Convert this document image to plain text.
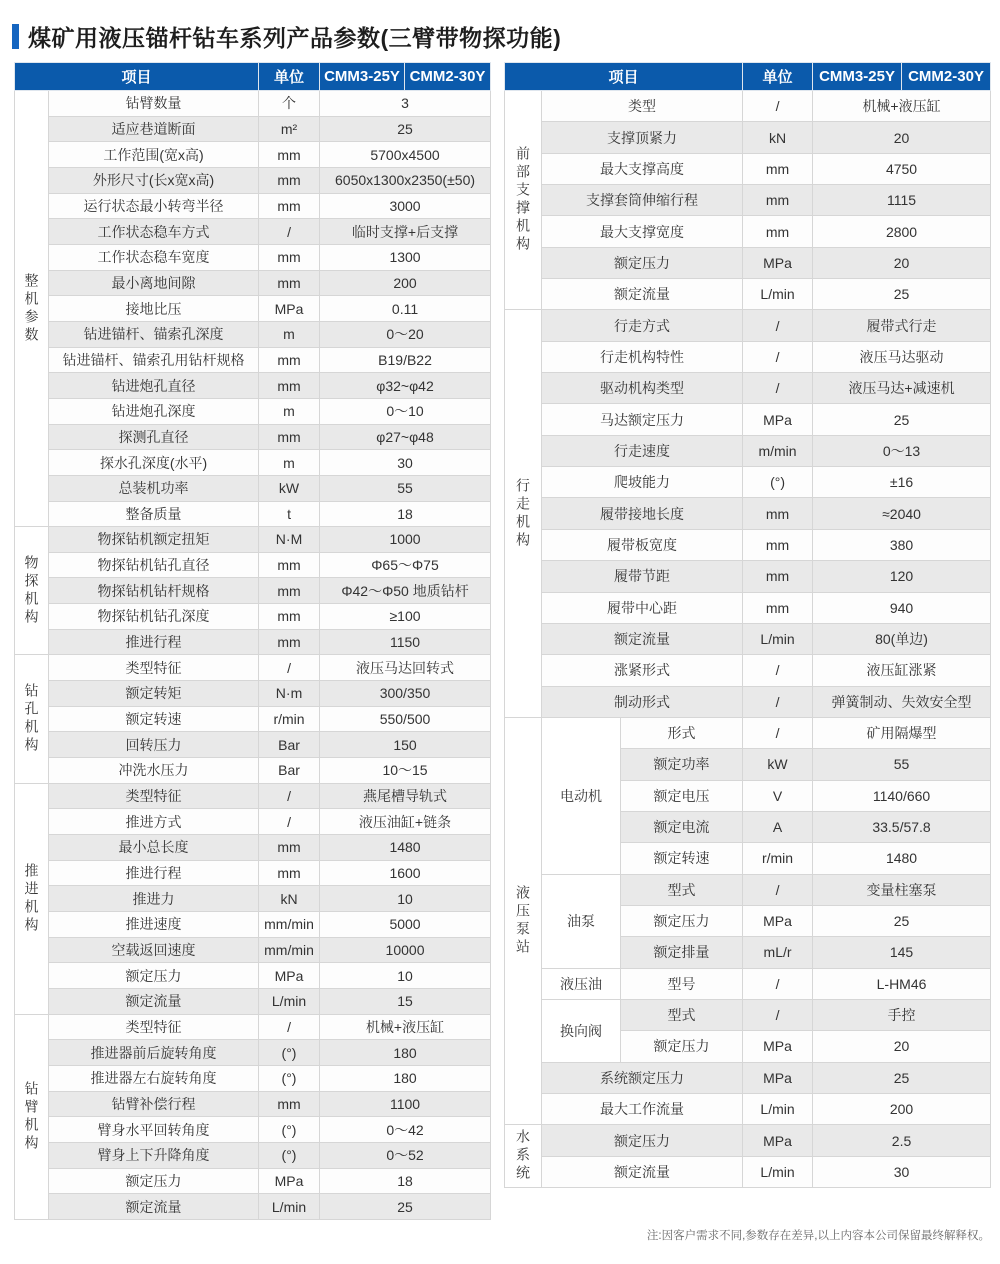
煤矿用液压锚杆钻车系列产品参数(三臂带物探功能)
项目		单位	CMM3-25Y	CMM2-30Y
整机参数	钻臂数量	个	3	
	适应巷道断面	m²	25	
	工作范围(宽x高)	mm	5700x4500	
	外形尺寸(长x宽x高)	mm	6050x1300x2350(±50)	
	运行状态最小转弯半径	mm	3000	
	工作状态稳车方式	/	临时支撑+后支撑	
	工作状态稳车宽度	mm	1300	
	最小离地间隙	mm	200	
	接地比压	MPa	0.11	
	钻进锚杆、锚索孔深度	m	0～20	
	钻进锚杆、锚索孔用钻杆规格	mm	B19/B22	
	钻进炮孔直径	mm	φ32~φ42	
	钻进炮孔深度	m	0～10	
	探测孔直径	mm	φ27~φ48	
	探水孔深度(水平)	m	30	
	总装机功率	kW	55	
	整备质量	t	18	
物探机构	物探钻机额定扭矩	N·M	1000	
	物探钻机钻孔直径	mm	Φ65～Φ75	
	物探钻机钻杆规格	mm	Φ42～Φ50 地质钻杆	
	物探钻机钻孔深度	mm	≥100	
	推进行程	mm	1150	
钻孔机构	类型特征	/	液压马达回转式	
	额定转矩	N·m	300/350	
	额定转速	r/min	550/500	
	回转压力	Bar	150	
	冲洗水压力	Bar	10～15	
推进机构	类型特征	/	燕尾槽导轨式	
	推进方式	/	液压油缸+链条	
	最小总长度	mm	1480	
	推进行程	mm	1600	
	推进力	kN	10	
	推进速度	mm/min	5000	
	空载返回速度	mm/min	10000	
	额定压力	MPa	10	
	额定流量	L/min	15	
钻臂机构	类型特征	/	机械+液压缸	
	推进器前后旋转角度	(°)	180	
	推进器左右旋转角度	(°)	180	
	钻臂补偿行程	mm	1100	
	臂身水平回转角度	(°)	0～42	
	臂身上下升降角度	(°)	0～52	
	额定压力	MPa	18	
	额定流量	L/min	25	
项目			单位	CMM3-25Y	CMM2-30Y
前部支撑机构	类型		/	机械+液压缸	
	支撑顶紧力		kN	20	
	最大支撑高度		mm	4750	
	支撑套筒伸缩行程		mm	1115	
	最大支撑宽度		mm	2800	
	额定压力		MPa	20	
	额定流量		L/min	25	
行走机构	行走方式		/	履带式行走	
	行走机构特性		/	液压马达驱动	
	驱动机构类型		/	液压马达+减速机	
	马达额定压力		MPa	25	
	行走速度		m/min	0～13	
	爬坡能力		(°)	±16	
	履带接地长度		mm	≈2040	
	履带板宽度		mm	380	
	履带节距		mm	120	
	履带中心距		mm	940	
	额定流量		L/min	80(单边)	
	涨紧形式		/	液压缸涨紧	
	制动形式		/	弹簧制动、失效安全型	
液压泵站	电动机	形式	/	矿用隔爆型	
		额定功率	kW	55	
		额定电压	V	1140/660	
		额定电流	A	33.5/57.8	
		额定转速	r/min	1480	
	油泵	型式	/	变量柱塞泵	
		额定压力	MPa	25	
		额定排量	mL/r	145	
	液压油	型号	/	L-HM46	
	换向阀	型式	/	手控	
		额定压力	MPa	20	
	系统额定压力		MPa	25	
	最大工作流量		L/min	200	
水系统	额定压力		MPa	2.5	
	额定流量		L/min	30	
注:因客户需求不同,参数存在差异,以上内容本公司保留最终解释权。
